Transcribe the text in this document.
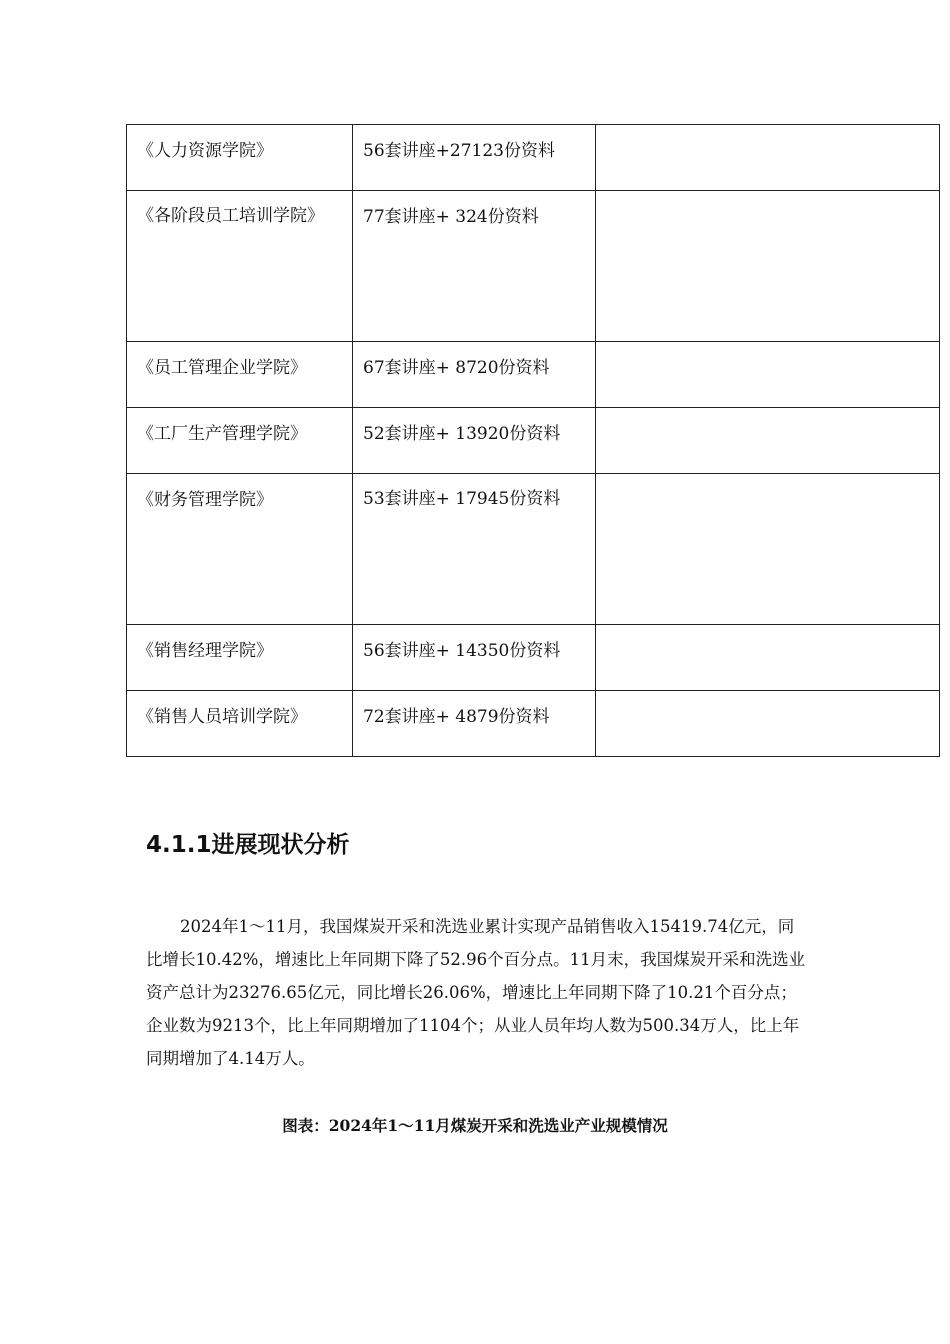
《人力资源学院》	56套讲座+27123份资料	

《各阶段员工培训学院》	77套讲座+ 324份资料	

《员工管理企业学院》	67套讲座+ 8720份资料	

《工厂生产管理学院》	52套讲座+ 13920份资料	

《财务管理学院》	53套讲座+ 17945份资料	

《销售经理学院》	56套讲座+ 14350份资料	

《销售人员培训学院》	72套讲座+ 4879份资料	

4.1.1进展现状分析

2024年1～11月，我国煤炭开采和洗选业累计实现产品销售收入15419.74亿元，同比增长10.42%，增速比上年同期下降了52.96个百分点。11月末，我国煤炭开采和洗选业资产总计为23276.65亿元，同比增长26.06%，增速比上年同期下降了10.21个百分点；企业数为9213个，比上年同期增加了1104个；从业人员年均人数为500.34万人，比上年同期增加了4.14万人。

图表：2024年1～11月煤炭开采和洗选业产业规模情况
